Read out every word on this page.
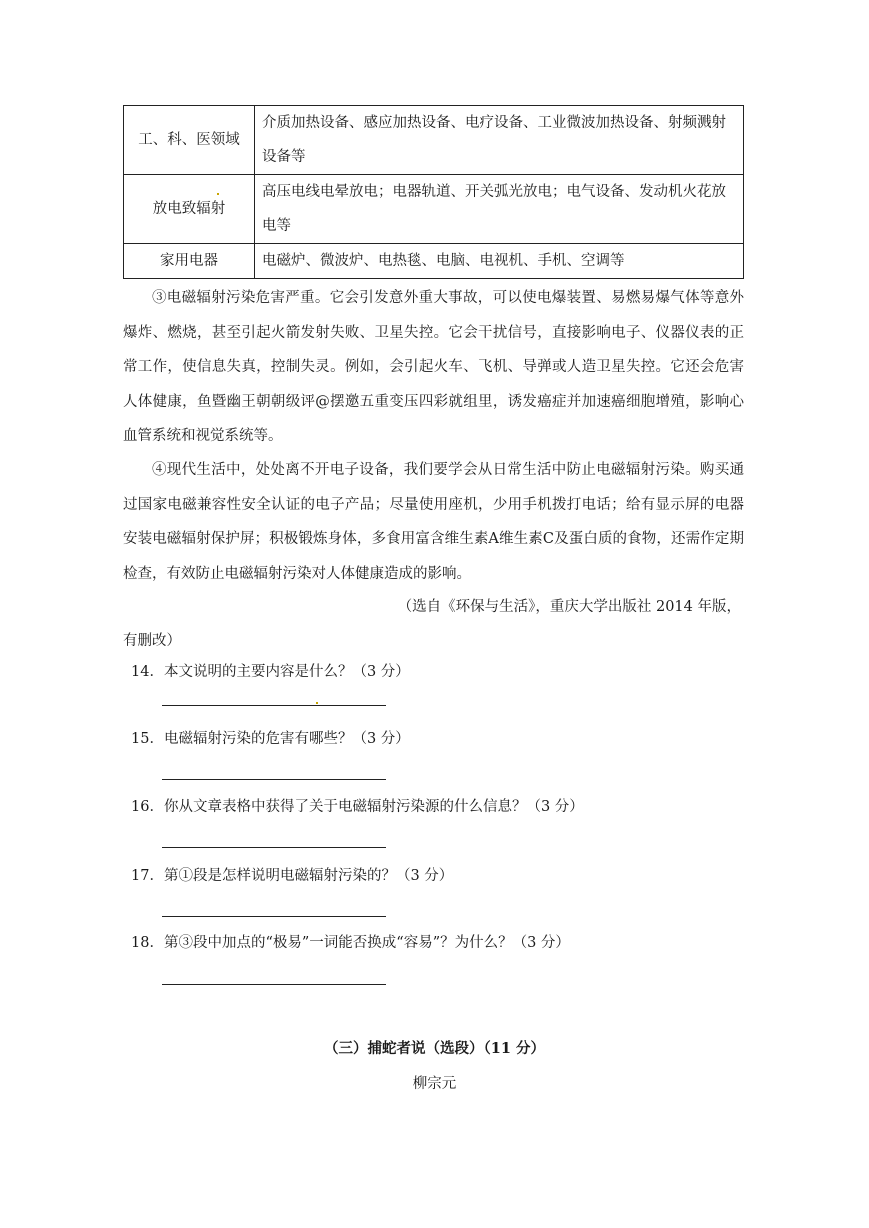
工、科、医领域	介质加热设备、感应加热设备、电疗设备、工业微波加热设备、射频溅射设备等
放电致辐射	高压电线电晕放电；电器轨道、开关弧光放电；电气设备、发动机火花放电等
家用电器	电磁炉、微波炉、电热毯、电脑、电视机、手机、空调等

③电磁辐射污染危害严重。它会引发意外重大事故，可以使电爆装置、易燃易爆气体等意外爆炸、燃烧，甚至引起火箭发射失败、卫星失控。它会干扰信号，直接影响电子、仪器仪表的正常工作，使信息失真，控制失灵。例如，会引起火车、飞机、导弹或人造卫星失控。它还会危害人体健康，鱼暨幽王朝朝级评@摆邀五重变压四彩就组里，诱发癌症并加速癌细胞增殖，影响心血管系统和视觉系统等。

④现代生活中，处处离不开电子设备，我们要学会从日常生活中防止电磁辐射污染。购买通过国家电磁兼容性安全认证的电子产品；尽量使用座机，少用手机拨打电话；给有显示屏的电器安装电磁辐射保护屏；积极锻炼身体，多食用富含维生素A维生素C及蛋白质的食物，还需作定期检查，有效防止电磁辐射污染对人体健康造成的影响。

（选自《环保与生活》，重庆大学出版社 2014 年版，
有删改）

14．本文说明的主要内容是什么？（3 分）

15．电磁辐射污染的危害有哪些？（3 分）

16．你从文章表格中获得了关于电磁辐射污染源的什么信息？（3 分）

17．第①段是怎样说明电磁辐射污染的？（3 分）

18．第③段中加点的“极易”一词能否换成“容易”？为什么？（3 分）

（三）捕蛇者说（选段）（11 分）
柳宗元
